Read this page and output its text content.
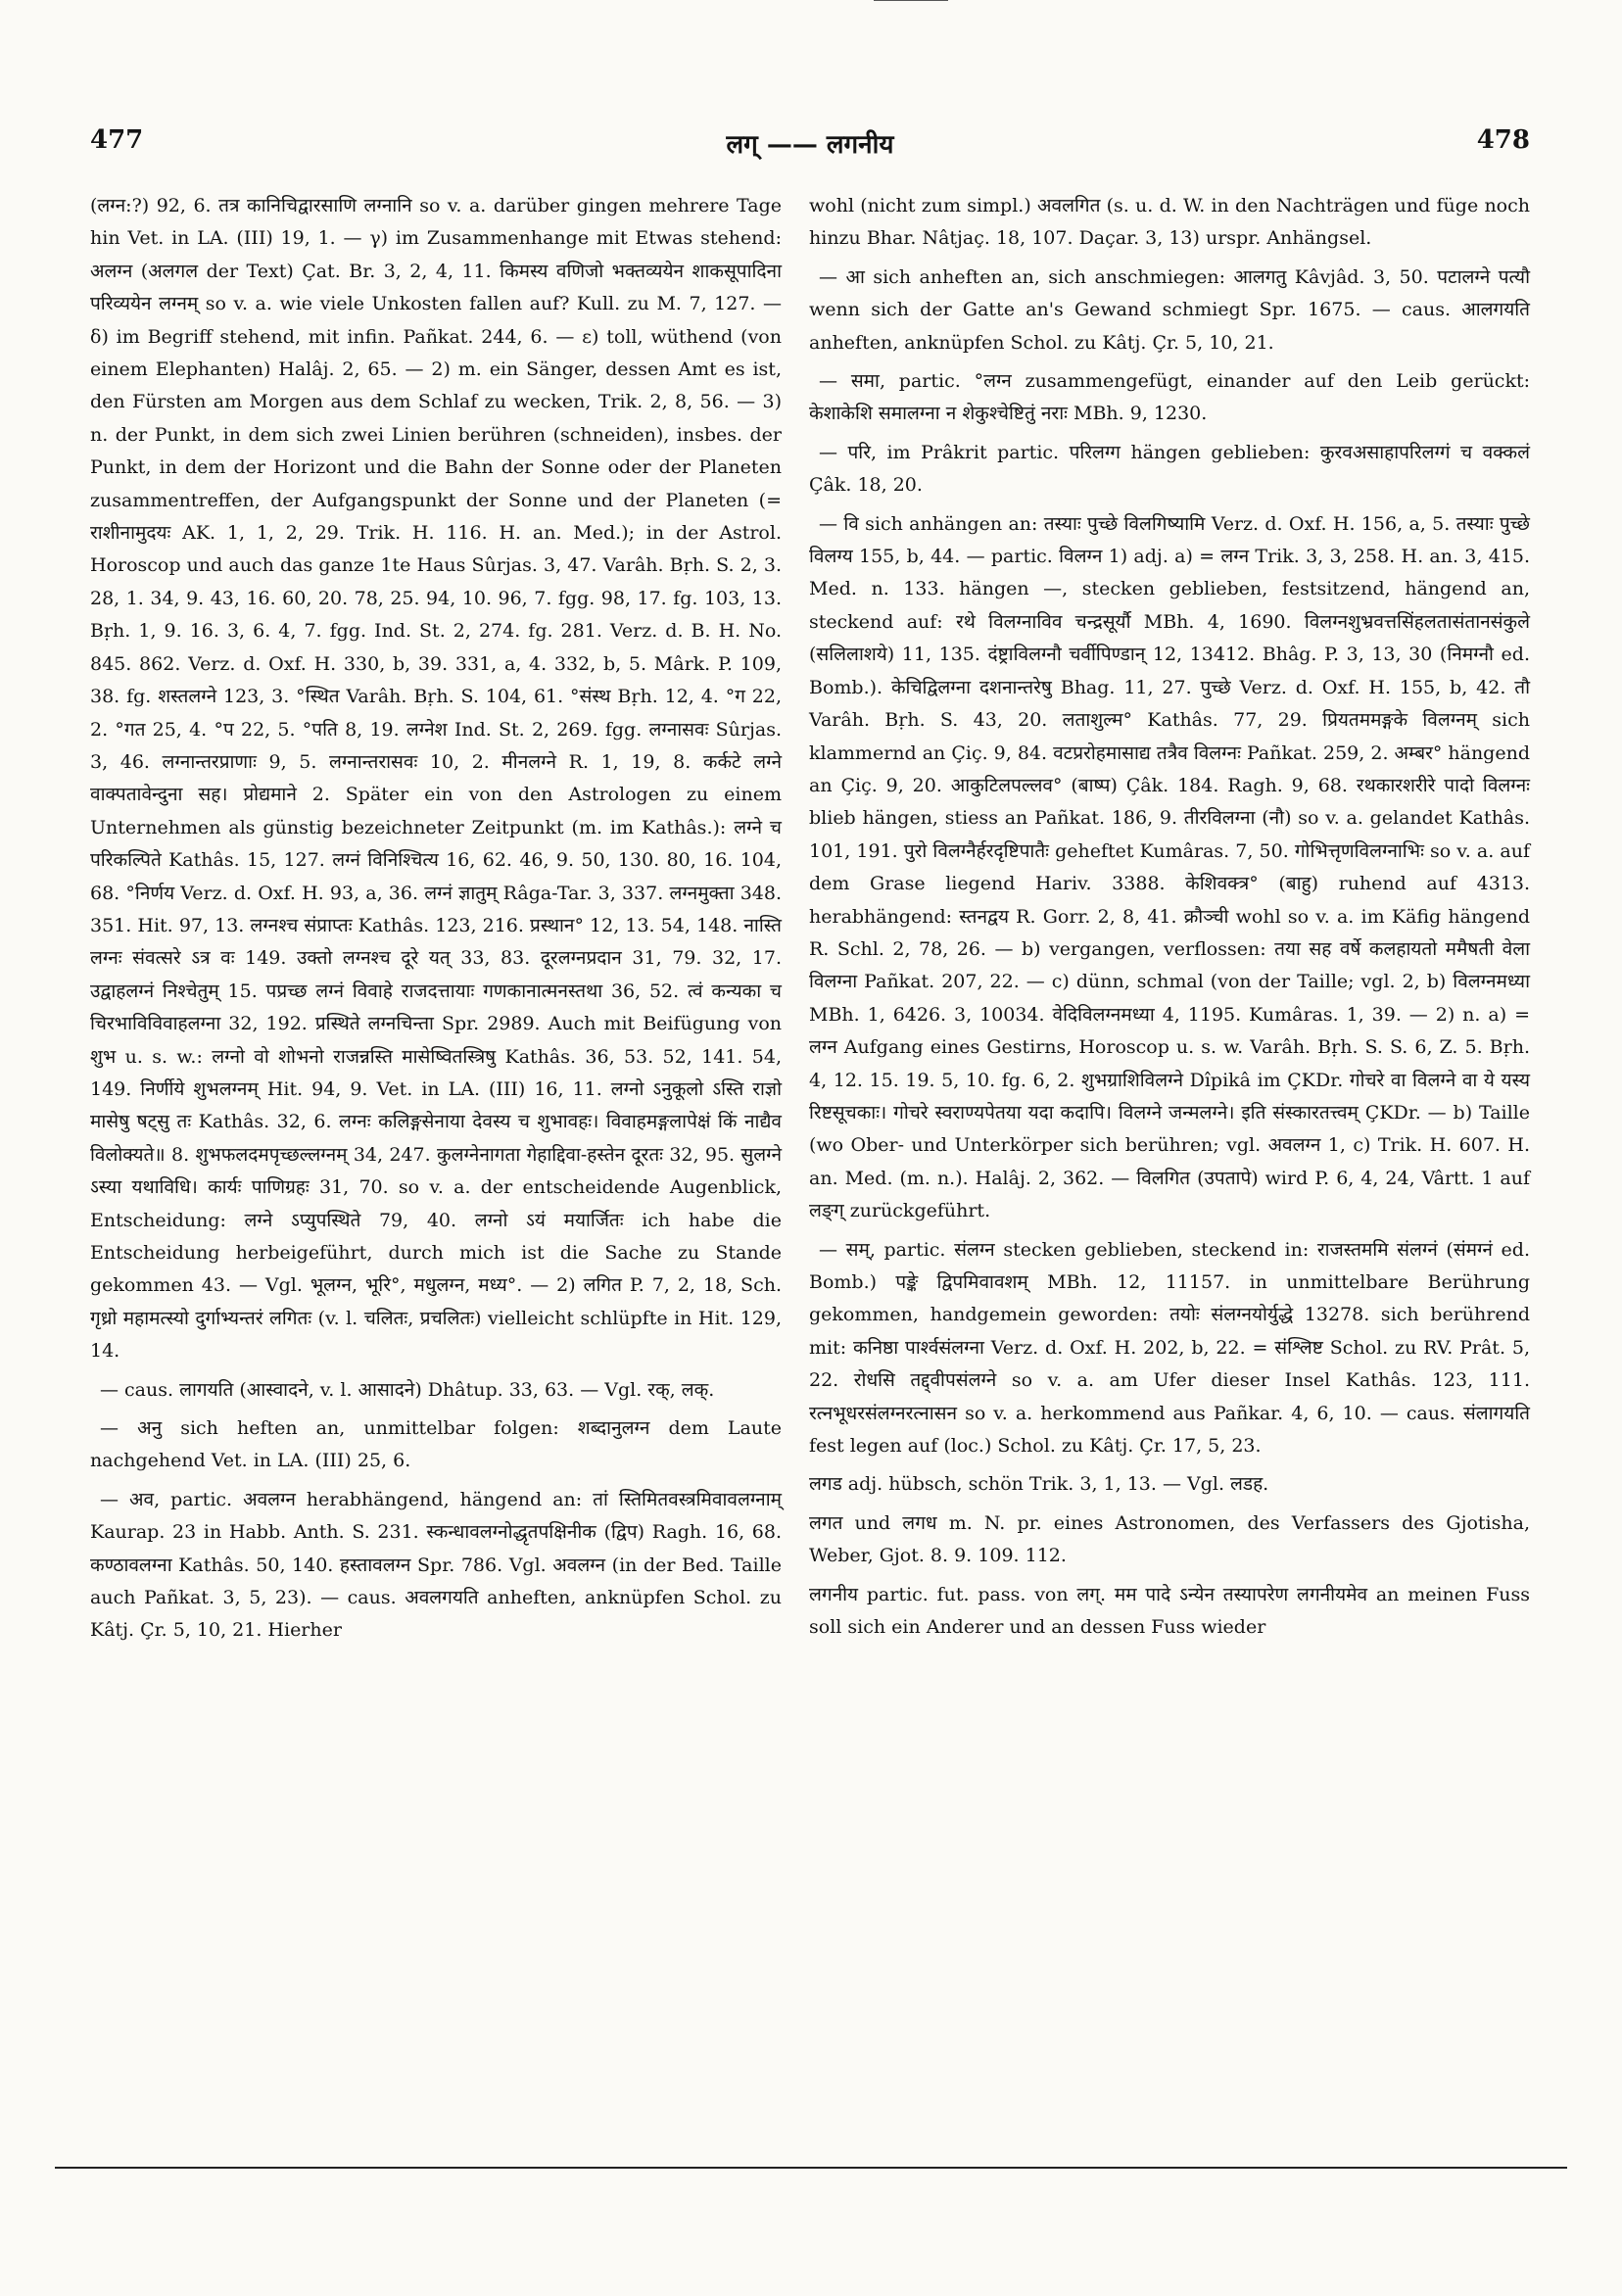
477	लग् —— लगनीय	478

(लग्न:?) 92, 6. तत्र कानिचिद्वारसाणि लग्नानि so v. a. darüber gingen mehrere Tage hin Vet. in LA. (III) 19, 1. — γ) im Zusammenhange mit Etwas stehend: अलग्न (अलगल der Text) Çat. Br. 3, 2, 4, 11. किमस्य वणिजो भक्तव्ययेन शाकसूपादिना परिव्ययेन लग्नम् so v. a. wie viele Unkosten fallen auf? Kull. zu M. 7, 127. — δ) im Begriff stehend, mit infin. Pañkat. 244, 6. — ε) toll, wüthend (von einem Elephanten) Halâj. 2, 65. — 2) m. ein Sänger, dessen Amt es ist, den Fürsten am Morgen aus dem Schlaf zu wecken, Trik. 2, 8, 56. — 3) n. der Punkt, in dem sich zwei Linien berühren (schneiden), insbes. der Punkt, in dem der Horizont und die Bahn der Sonne oder der Planeten zusammentreffen, der Aufgangspunkt der Sonne und der Planeten (= राशीनामुदयः AK. 1, 1, 2, 29. Trik. H. 116. H. an. Med.); in der Astrol. Horoscop und auch das ganze 1te Haus Sûrjas. 3, 47. Varâh. Bṛh. S. 2, 3. 28, 1. 34, 9. 43, 16. 60, 20. 78, 25. 94, 10. 96, 7. fgg. 98, 17. fg. 103, 13. Bṛh. 1, 9. 16. 3, 6. 4, 7. fgg. Ind. St. 2, 274. fg. 281. Verz. d. B. H. No. 845. 862. Verz. d. Oxf. H. 330, b, 39. 331, a, 4. 332, b, 5. Mârk. P. 109, 38. fg. शस्तलग्ने 123, 3. °स्थित Varâh. Bṛh. S. 104, 61. °संस्थ Bṛh. 12, 4. °ग 22, 2. °गत 25, 4. °प 22, 5. °पति 8, 19. लग्नेश Ind. St. 2, 269. fgg. लग्नासवः Sûrjas. 3, 46. लग्नान्तरप्राणाः 9, 5. लग्नान्तरासवः 10, 2. मीनलग्ने R. 1, 19, 8. कर्कटे लग्ने वाक्पतावेन्दुना सह। प्रोद्यमाने 2. Später ein von den Astrologen zu einem Unternehmen als günstig bezeichneter Zeitpunkt (m. im Kathâs.): लग्ने च परिकल्पिते Kathâs. 15, 127. लग्नं विनिश्चित्य 16, 62. 46, 9. 50, 130. 80, 16. 104, 68. °निर्णय Verz. d. Oxf. H. 93, a, 36. लग्नं ज्ञातुम् Râga-Tar. 3, 337. लग्नमुक्ता 348. 351. Hit. 97, 13. लग्नश्च संप्राप्तः Kathâs. 123, 216. प्रस्थान° 12, 13. 54, 148. नास्ति लग्नः संवत्सरे ऽत्र वः 149. उक्तो लग्नश्च दूरे यत् 33, 83. दूरलग्नप्रदान 31, 79. 32, 17. उद्वाहलग्नं निश्चेतुम् 15. पप्रच्छ लग्नं विवाहे राजदत्तायाः गणकानात्मनस्तथा 36, 52. त्वं कन्यका च चिरभाविविवाहलग्ना 32, 192. प्रस्थिते लग्नचिन्ता Spr. 2989. Auch mit Beifügung von शुभ u. s. w.: लग्नो वो शोभनो राजन्नस्ति मासेष्वितस्त्रिषु Kathâs. 36, 53. 52, 141. 54, 149. निर्णीये शुभलग्नम् Hit. 94, 9. Vet. in LA. (III) 16, 11. लग्नो ऽनुकूलो ऽस्ति राज्ञो मासेषु षट्सु तः Kathâs. 32, 6. लग्नः कलिङ्गसेनाया देवस्य च शुभावहः। विवाहमङ्गलापेक्षं किं नाद्यैव विलोक्यते॥ 8. शुभफलदमपृच्छल्लग्नम् 34, 247. कुलग्नेनागता गेहाद्दिवा-हस्तेन दूरतः 32, 95. सुलग्ने ऽस्या यथाविधि। कार्यः पाणिग्रहः 31, 70. so v. a. der entscheidende Augenblick, Entscheidung: लग्ने ऽप्युपस्थिते 79, 40. लग्नो ऽयं मयार्जितः ich habe die Entscheidung herbeigeführt, durch mich ist die Sache zu Stande gekommen 43. — Vgl. भूलग्न, भूरि°, मधुलग्न, मध्य°. — 2) लगित P. 7, 2, 18, Sch. गृध्रो महामत्स्यो दुर्गाभ्यन्तरं लगितः (v. l. चलितः, प्रचलितः) vielleicht schlüpfte in Hit. 129, 14.

— caus. लागयति (आस्वादने, v. l. आसादने) Dhâtup. 33, 63. — Vgl. रक्, लक्.

— अनु sich heften an, unmittelbar folgen: शब्दानुलग्न dem Laute nachgehend Vet. in LA. (III) 25, 6.

— अव, partic. अवलग्न herabhängend, hängend an: तां स्तिमितवस्त्रमिवावलग्नाम् Kaurap. 23 in Habb. Anth. S. 231. स्कन्धावलग्नोद्धृतपक्षिनीक (द्विप) Ragh. 16, 68. कण्ठावलग्ना Kathâs. 50, 140. हस्तावलग्न Spr. 786. Vgl. अवलग्न (in der Bed. Taille auch Pañkat. 3, 5, 23). — caus. अवलगयति anheften, anknüpfen Schol. zu Kâtj. Çr. 5, 10, 21. Hierher

wohl (nicht zum simpl.) अवलगित (s. u. d. W. in den Nachträgen und füge noch hinzu Bhar. Nâtjaç. 18, 107. Daçar. 3, 13) urspr. Anhängsel.

— आ sich anheften an, sich anschmiegen: आलगतु Kâvjâd. 3, 50. पटालग्ने पत्यौ wenn sich der Gatte an's Gewand schmiegt Spr. 1675. — caus. आलगयति anheften, anknüpfen Schol. zu Kâtj. Çr. 5, 10, 21.

— समा, partic. °लग्न zusammengefügt, einander auf den Leib gerückt: केशाकेशि समालग्ना न शेकुश्चेष्टितुं नराः MBh. 9, 1230.

— परि, im Prâkrit partic. परिलग्ग hängen geblieben: कुरवअसाहापरिलग्गं च वक्कलं Çâk. 18, 20.

— वि sich anhängen an: तस्याः पुच्छे विलगिष्यामि Verz. d. Oxf. H. 156, a, 5. तस्याः पुच्छे विलग्य 155, b, 44. — partic. विलग्न 1) adj. a) = लग्न Trik. 3, 3, 258. H. an. 3, 415. Med. n. 133. hängen —, stecken geblieben, festsitzend, hängend an, steckend auf: रथे विलग्नाविव चन्द्रसूर्यौ MBh. 4, 1690. विलग्नशुभ्रवत्तसिंहलतासंतानसंकुले (सलिलाशये) 11, 135. दंष्ट्राविलग्नौ चर्वीपिण्डान् 12, 13412. Bhâg. P. 3, 13, 30 (निमग्नौ ed. Bomb.). केचिद्विलग्ना दशनान्तरेषु Bhag. 11, 27. पुच्छे Verz. d. Oxf. H. 155, b, 42. तौ Varâh. Bṛh. S. 43, 20. लताशुल्म° Kathâs. 77, 29. प्रियतममङ्गके विलग्नम् sich klammernd an Çiç. 9, 84. वटप्ररोहमासाद्य तत्रैव विलग्नः Pañkat. 259, 2. अम्बर° hängend an Çiç. 9, 20. आकुटिलपल्लव° (बाष्प) Çâk. 184. Ragh. 9, 68. रथकारशरीरे पादो विलग्नः blieb hängen, stiess an Pañkat. 186, 9. तीरविलग्ना (नौ) so v. a. gelandet Kathâs. 101, 191. पुरो विलग्नैर्हरदृष्टिपातैः geheftet Kumâras. 7, 50. गोभित्तृणविलग्नाभिः so v. a. auf dem Grase liegend Hariv. 3388. केशिवक्त्र° (बाहु) ruhend auf 4313. herabhängend: स्तनद्वय R. Gorr. 2, 8, 41. क्रौञ्ची wohl so v. a. im Käfig hängend R. Schl. 2, 78, 26. — b) vergangen, verflossen: तया सह वर्षे कलहायतो ममैषती वेला विलग्ना Pañkat. 207, 22. — c) dünn, schmal (von der Taille; vgl. 2, b) विलग्नमध्या MBh. 1, 6426. 3, 10034. वेदिविलग्नमध्या 4, 1195. Kumâras. 1, 39. — 2) n. a) = लग्न Aufgang eines Gestirns, Horoscop u. s. w. Varâh. Bṛh. S. S. 6, Z. 5. Bṛh. 4, 12. 15. 19. 5, 10. fg. 6, 2. शुभग्राशिविलग्ने Dîpikâ im ÇKDr. गोचरे वा विलग्ने वा ये यस्य रिष्टसूचकाः। गोचरे स्वराण्यपेतया यदा कदापि। विलग्ने जन्मलग्ने। इति संस्कारतत्त्वम् ÇKDr. — b) Taille (wo Ober- und Unterkörper sich berühren; vgl. अवलग्न 1, c) Trik. H. 607. H. an. Med. (m. n.). Halâj. 2, 362. — विलगित (उपतापे) wird P. 6, 4, 24, Vârtt. 1 auf लङ्ग् zurückgeführt.

— सम्, partic. संलग्न stecken geblieben, steckend in: राजस्तममि संलग्नं (संमग्नं ed. Bomb.) पङ्के द्विपमिवावशम् MBh. 12, 11157. in unmittelbare Berührung gekommen, handgemein geworden: तयोः संलग्नयोर्युद्धे 13278. sich berührend mit: कनिष्ठा पार्श्वसंलग्ना Verz. d. Oxf. H. 202, b, 22. = संश्लिष्ट Schol. zu RV. Prât. 5, 22. रोधसि तद्द्वीपसंलग्ने so v. a. am Ufer dieser Insel Kathâs. 123, 111. रत्नभूधरसंलग्नरत्नासन so v. a. herkommend aus Pañkar. 4, 6, 10. — caus. संलागयति fest legen auf (loc.) Schol. zu Kâtj. Çr. 17, 5, 23.

लगड adj. hübsch, schön Trik. 3, 1, 13. — Vgl. लडह.

लगत und लगध m. N. pr. eines Astronomen, des Verfassers des Gjotisha, Weber, Gjot. 8. 9. 109. 112.

लगनीय partic. fut. pass. von लग्. मम पादे ऽन्येन तस्यापरेण लगनीयमेव an meinen Fuss soll sich ein Anderer und an dessen Fuss wieder
